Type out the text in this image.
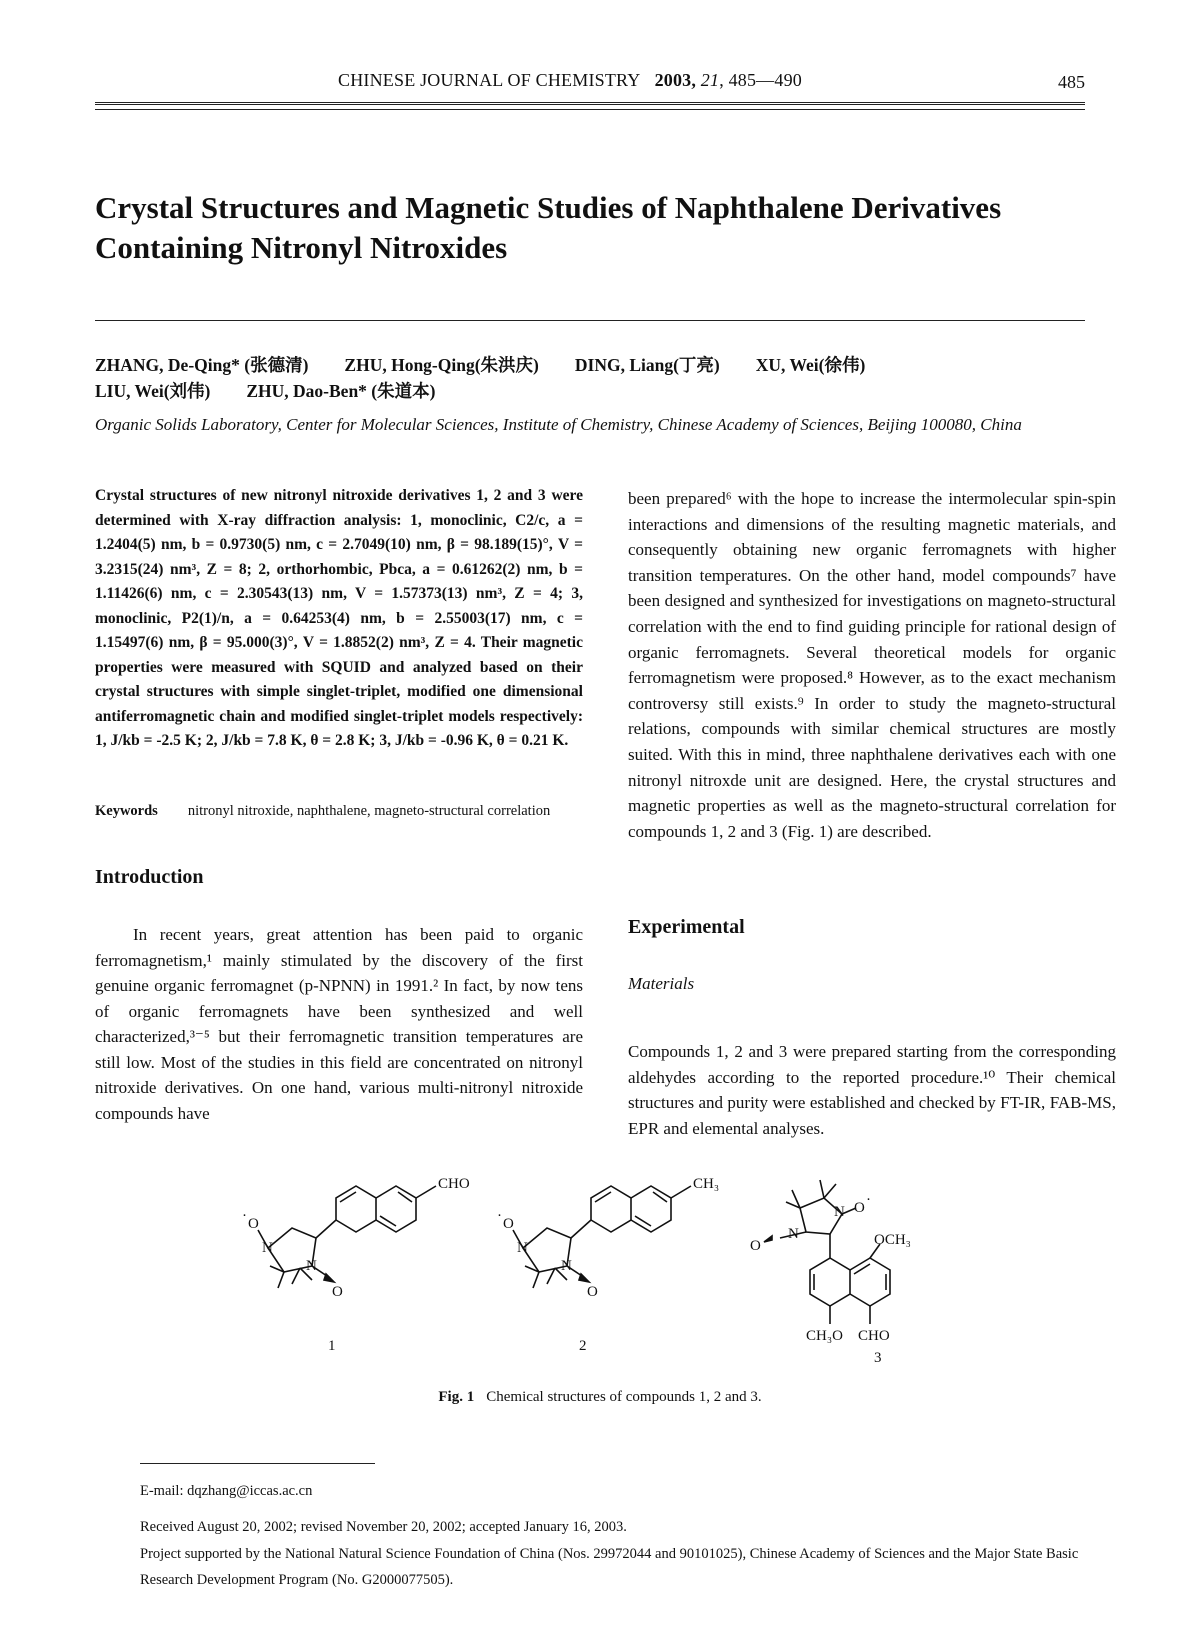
CHINESE JOURNAL OF CHEMISTRY 2003, 21, 485—490	485
Crystal Structures and Magnetic Studies of Naphthalene Derivatives Containing Nitronyl Nitroxides
ZHANG, De-Qing* (张德清) ZHU, Hong-Qing(朱洪庆) DING, Liang(丁亮) XU, Wei(徐伟)
LIU, Wei(刘伟) ZHU, Dao-Ben* (朱道本)
Organic Solids Laboratory, Center for Molecular Sciences, Institute of Chemistry, Chinese Academy of Sciences, Beijing 100080, China
Crystal structures of new nitronyl nitroxide derivatives 1, 2 and 3 were determined with X-ray diffraction analysis: 1, monoclinic, C2/c, a = 1.2404(5) nm, b = 0.9730(5) nm, c = 2.7049(10) nm, β = 98.189(15)°, V = 3.2315(24) nm³, Z = 8; 2, orthorhombic, Pbca, a = 0.61262(2) nm, b = 1.11426(6) nm, c = 2.30543(13) nm, V = 1.57373(13) nm³, Z = 4; 3, monoclinic, P2(1)/n, a = 0.64253(4) nm, b = 2.55003(17) nm, c = 1.15497(6) nm, β = 95.000(3)°, V = 1.8852(2) nm³, Z = 4. Their magnetic properties were measured with SQUID and analyzed based on their crystal structures with simple singlet-triplet, modified one dimensional antiferromagnetic chain and modified singlet-triplet models respectively: 1, J/kb = -2.5 K; 2, J/kb = 7.8 K, θ = 2.8 K; 3, J/kb = -0.96 K, θ = 0.21 K.
Keywords nitronyl nitroxide, naphthalene, magneto-structural correlation
Introduction

In recent years, great attention has been paid to organic ferromagnetism,¹ mainly stimulated by the discovery of the first genuine organic ferromagnet (p-NPNN) in 1991.² In fact, by now tens of organic ferromagnets have been synthesized and well characterized,³⁻⁵ but their ferromagnetic transition temperatures are still low. Most of the studies in this field are concentrated on nitronyl nitroxide derivatives. On one hand, various multi-nitronyl nitroxide compounds have

been prepared⁶ with the hope to increase the intermolecular spin-spin interactions and dimensions of the resulting magnetic materials, and consequently obtaining new organic ferromagnets with higher transition temperatures. On the other hand, model compounds⁷ have been designed and synthesized for investigations on magneto-structural correlation with the end to find guiding principle for rational design of organic ferromagnets. Several theoretical models for organic ferromagnetism were proposed.⁸ However, as to the exact mechanism controversy still exists.⁹ In order to study the magneto-structural relations, compounds with similar chemical structures are mostly suited. With this in mind, three naphthalene derivatives each with one nitronyl nitroxde unit are designed. Here, the crystal structures and magnetic properties as well as the magneto-structural correlation for compounds 1, 2 and 3 (Fig. 1) are described.
Experimental
Materials

Compounds 1, 2 and 3 were prepared starting from the corresponding aldehydes according to the reported procedure.¹⁰ Their chemical structures and purity were established and checked by FT-IR, FAB-MS, EPR and elemental analyses.

CHO
O
·
N
N
O
1
CH₃
O
·
N
N
O
2
O
N
N O ·
OCH₃
CH₃O CHO
3
Fig. 1 Chemical structures of compounds 1, 2 and 3.
E-mail: dqzhang@iccas.ac.cn
Received August 20, 2002; revised November 20, 2002; accepted January 16, 2003.
Project supported by the National Natural Science Foundation of China (Nos. 29972044 and 90101025), Chinese Academy of Sciences and the Major State Basic Research Development Program (No. G2000077505).
